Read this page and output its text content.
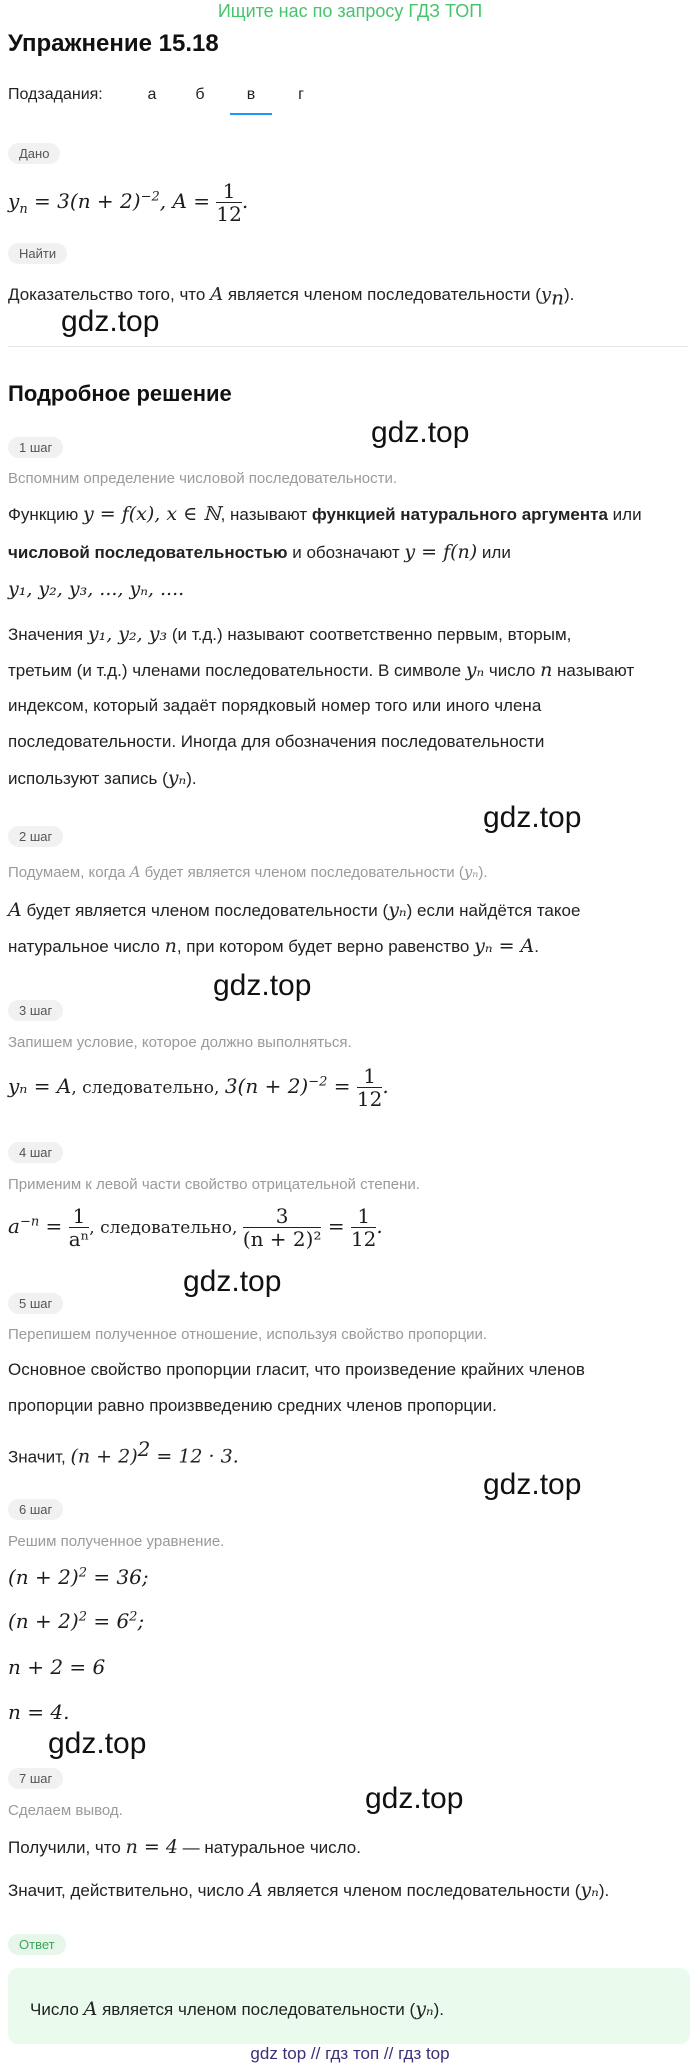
Ищите нас по запросу ГДЗ ТОП
Упражнение 15.18
Подзадания:	а	б	в	г
Дано
$y_n = 3(n + 2)^{-2}$, $A = \frac{1}{12}$ .
Найти
Доказательство того, что A является членом последовательности $(y_n)$.
gdz.top
Подробное решение
gdz.top
1 шаг
Вспомним определение числовой последовательности.
Функцию y = f(x), x ∈ ℕ, называют функцией натурального аргумента или
числовой последовательностью и обозначают y = f(n) или
y₁, y₂, y₃, ..., yₙ, ....
Значения y₁, y₂, y₃ (и т.д.) называют соответственно первым, вторым,
третьим (и т.д.) членами последовательности. В символе yₙ число n называют
индексом, который задаёт порядковый номер того или иного члена
последовательности. Иногда для обозначения последовательности
используют запись (yₙ).
gdz.top
2 шаг
Подумаем, когда A будет является членом последовательности (yₙ).
A будет является членом последовательности (yₙ) если найдётся такое
натуральное число n, при котором будет верно равенство yₙ = A.
gdz.top
3 шаг
Запишем условие, которое должно выполняться.
yₙ = A, следовательно, $3(n + 2)^{-2} = \frac{1}{12}$ .
4 шаг
Применим к левой части свойство отрицательной степени.
$a^{-n} = \frac{1}{\text{aⁿ}}$ , следовательно, $\frac{3}{\text{(n + 2)²}} = \frac{1}{12}$ .
gdz.top
5 шаг
Перепишем полученное отношение, используя свойство пропорции.
Основное свойство пропорции гласит, что произведение крайних членов
пропорции равно произвведению средних членов пропорции.
Значит, $(n + 2)^2 = 12 \cdot 3$.
gdz.top
6 шаг
Решим полученное уравнение.
$(n + 2)^2 = 36$;
$(n + 2)^2 = 6^2$;
n + 2 = 6
n = 4.
gdz.top
7 шаг
Сделаем вывод.	gdz.top
Получили, что n = 4 — натуральное число.
Значит, действительно, число A является членом последовательности (yₙ).
Ответ
Число A является членом последовательности (yₙ).
gdz top // гдз топ // гдз top
